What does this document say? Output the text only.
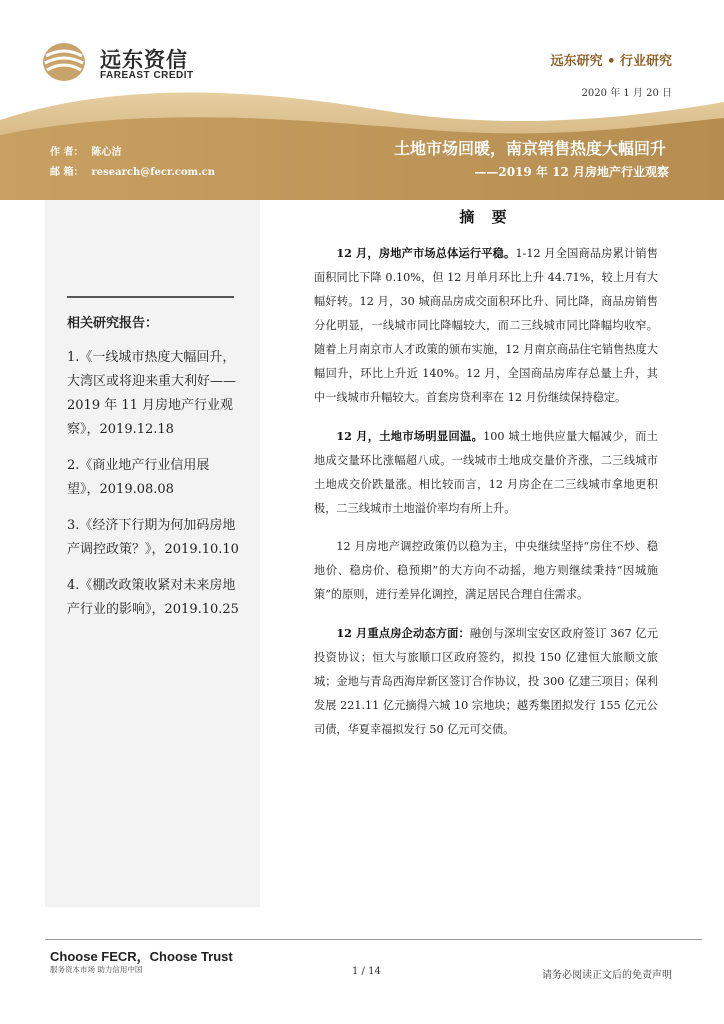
远东资信
FAREAST CREDIT
远东研究 • 行业研究
2020 年 1 月 20 日
作 者： 陈心洁
邮 箱： research@fecr.com.cn
土地市场回暖，南京销售热度大幅回升
——2019 年 12 月房地产行业观察
相关研究报告：
1.《一线城市热度大幅回升，大湾区或将迎来重大利好——2019 年 11 月房地产行业观察》，2019.12.18
2.《商业地产行业信用展望》，2019.08.08
3.《经济下行期为何加码房地产调控政策？》，2019.10.10
4.《棚改政策收紧对未来房地产行业的影响》，2019.10.25
摘 要

12 月，房地产市场总体运行平稳。1-12 月全国商品房累计销售面积同比下降 0.10%，但 12 月单月环比上升 44.71%，较上月有大幅好转。12 月，30 城商品房成交面积环比升、同比降，商品房销售分化明显，一线城市同比降幅较大，而二三线城市同比降幅均收窄。随着上月南京市人才政策的颁布实施，12 月南京商品住宅销售热度大幅回升，环比上升近 140%。12 月，全国商品房库存总量上升，其中一线城市升幅较大。首套房贷利率在 12 月份继续保持稳定。

12 月，土地市场明显回温。100 城土地供应量大幅减少，而土地成交量环比涨幅超八成。一线城市土地成交量价齐涨，二三线城市土地成交价跌量涨。相比较而言，12 月房企在二三线城市拿地更积极，二三线城市土地溢价率均有所上升。

12 月房地产调控政策仍以稳为主，中央继续坚持“房住不炒、稳地价、稳房价、稳预期”的大方向不动摇，地方则继续秉持“因城施策”的原则，进行差异化调控，满足居民合理自住需求。

12 月重点房企动态方面：融创与深圳宝安区政府签订 367 亿元投资协议；恒大与旅顺口区政府签约，拟投 150 亿建恒大旅顺文旅城；金地与青岛西海岸新区签订合作协议，投 300 亿建三项目；保利发展 221.11 亿元摘得六城 10 宗地块；越秀集团拟发行 155 亿元公司债，华夏幸福拟发行 50 亿元可交债。

Choose FECR，Choose Trust
服务资本市场 助力信用中国	1 / 14	请务必阅读正文后的免责声明
